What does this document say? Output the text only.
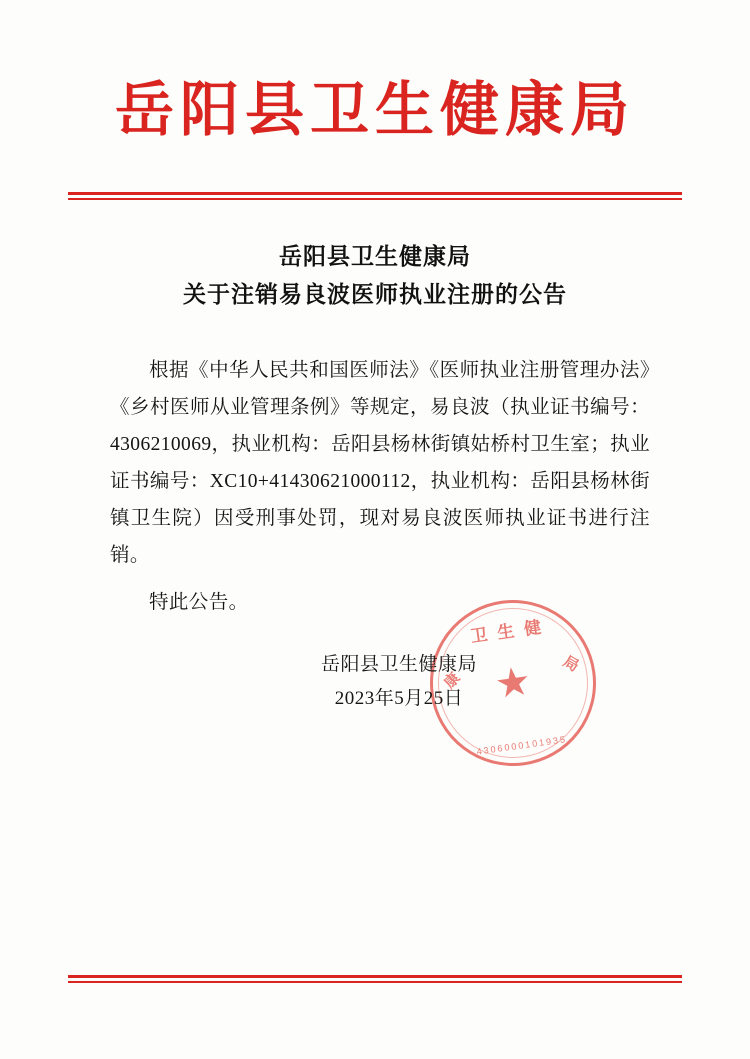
岳阳县卫生健康局
岳阳县卫生健康局
关于注销易良波医师执业注册的公告

根据《中华人民共和国医师法》《医师执业注册管理办法》《乡村医师从业管理条例》等规定，易良波（执业证书编号：4306210069，执业机构：岳阳县杨林街镇姑桥村卫生室；执业证书编号：XC10+41430621000112，执业机构：岳阳县杨林街镇卫生院）因受刑事处罚，现对易良波医师执业证书进行注销。

特此公告。

卫生健
康
局
★
4306000101935
岳阳县卫生健康局
2023年5月25日
